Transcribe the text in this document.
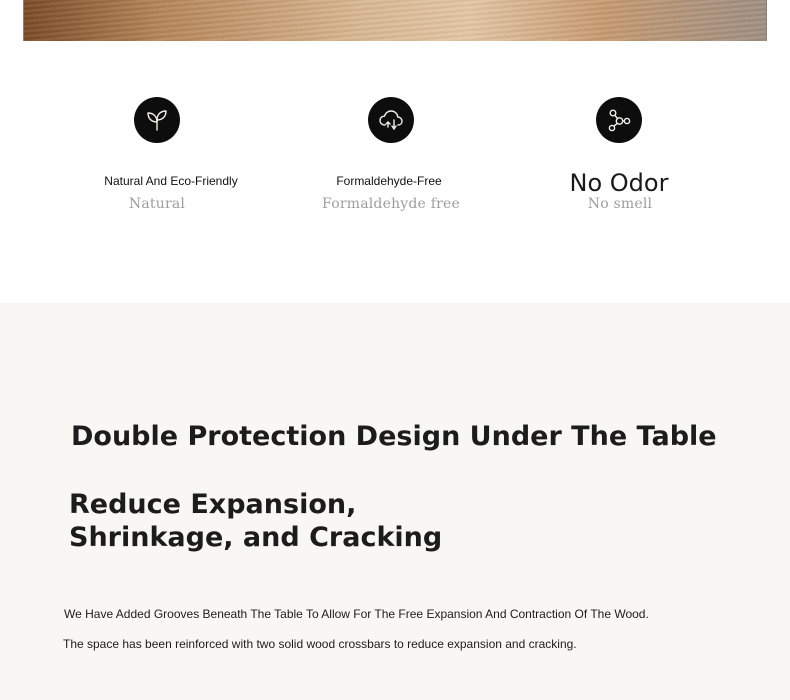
Natural And Eco-Friendly
Natural
Formaldehyde-Free
Formaldehyde free
No Odor
No smell
Double Protection Design Under The Table
Reduce Expansion,
Shrinkage, and Cracking

We Have Added Grooves Beneath The Table To Allow For The Free Expansion And Contraction Of The Wood.

The space has been reinforced with two solid wood crossbars to reduce expansion and cracking.
